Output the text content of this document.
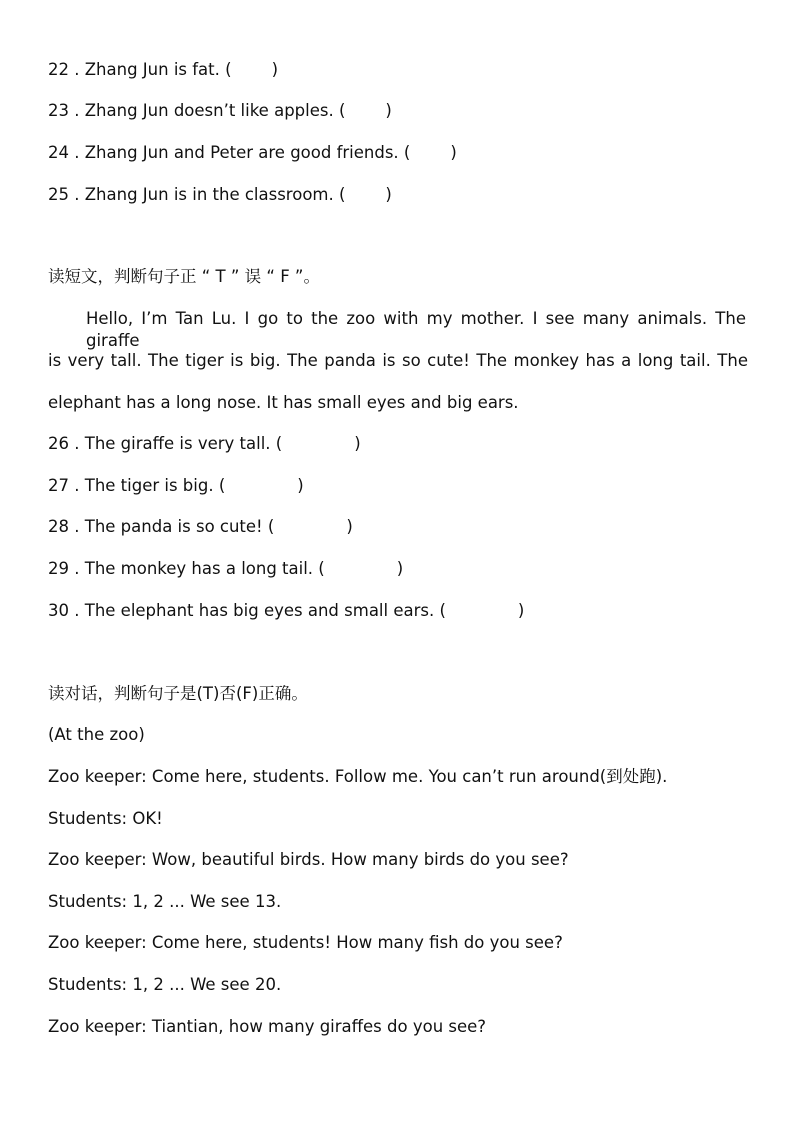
22 . Zhang Jun is fat. ( )
23 . Zhang Jun doesn’t like apples. ( )
24 . Zhang Jun and Peter are good friends. ( )
25 . Zhang Jun is in the classroom. ( )
读短文，判断句子正 “ T ” 误 “ F ”。
Hello, I’m Tan Lu. I go to the zoo with my mother. I see many animals. The giraffe
is very tall. The tiger is big. The panda is so cute! The monkey has a long tail. The
elephant has a long nose. It has small eyes and big ears.
26 . The giraffe is very tall. (	)
27 . The tiger is big. (	)
28 . The panda is so cute! (	)
29 . The monkey has a long tail. (	)
30 . The elephant has big eyes and small ears. (	)
读对话，判断句子是(T)否(F)正确。
(At the zoo)
Zoo keeper: Come here, students. Follow me. You can’t run around(到处跑).
Students: OK!
Zoo keeper: Wow, beautiful birds. How many birds do you see?
Students: 1, 2 ... We see 13.
Zoo keeper: Come here, students! How many fish do you see?
Students: 1, 2 ... We see 20.
Zoo keeper: Tiantian, how many giraffes do you see?
